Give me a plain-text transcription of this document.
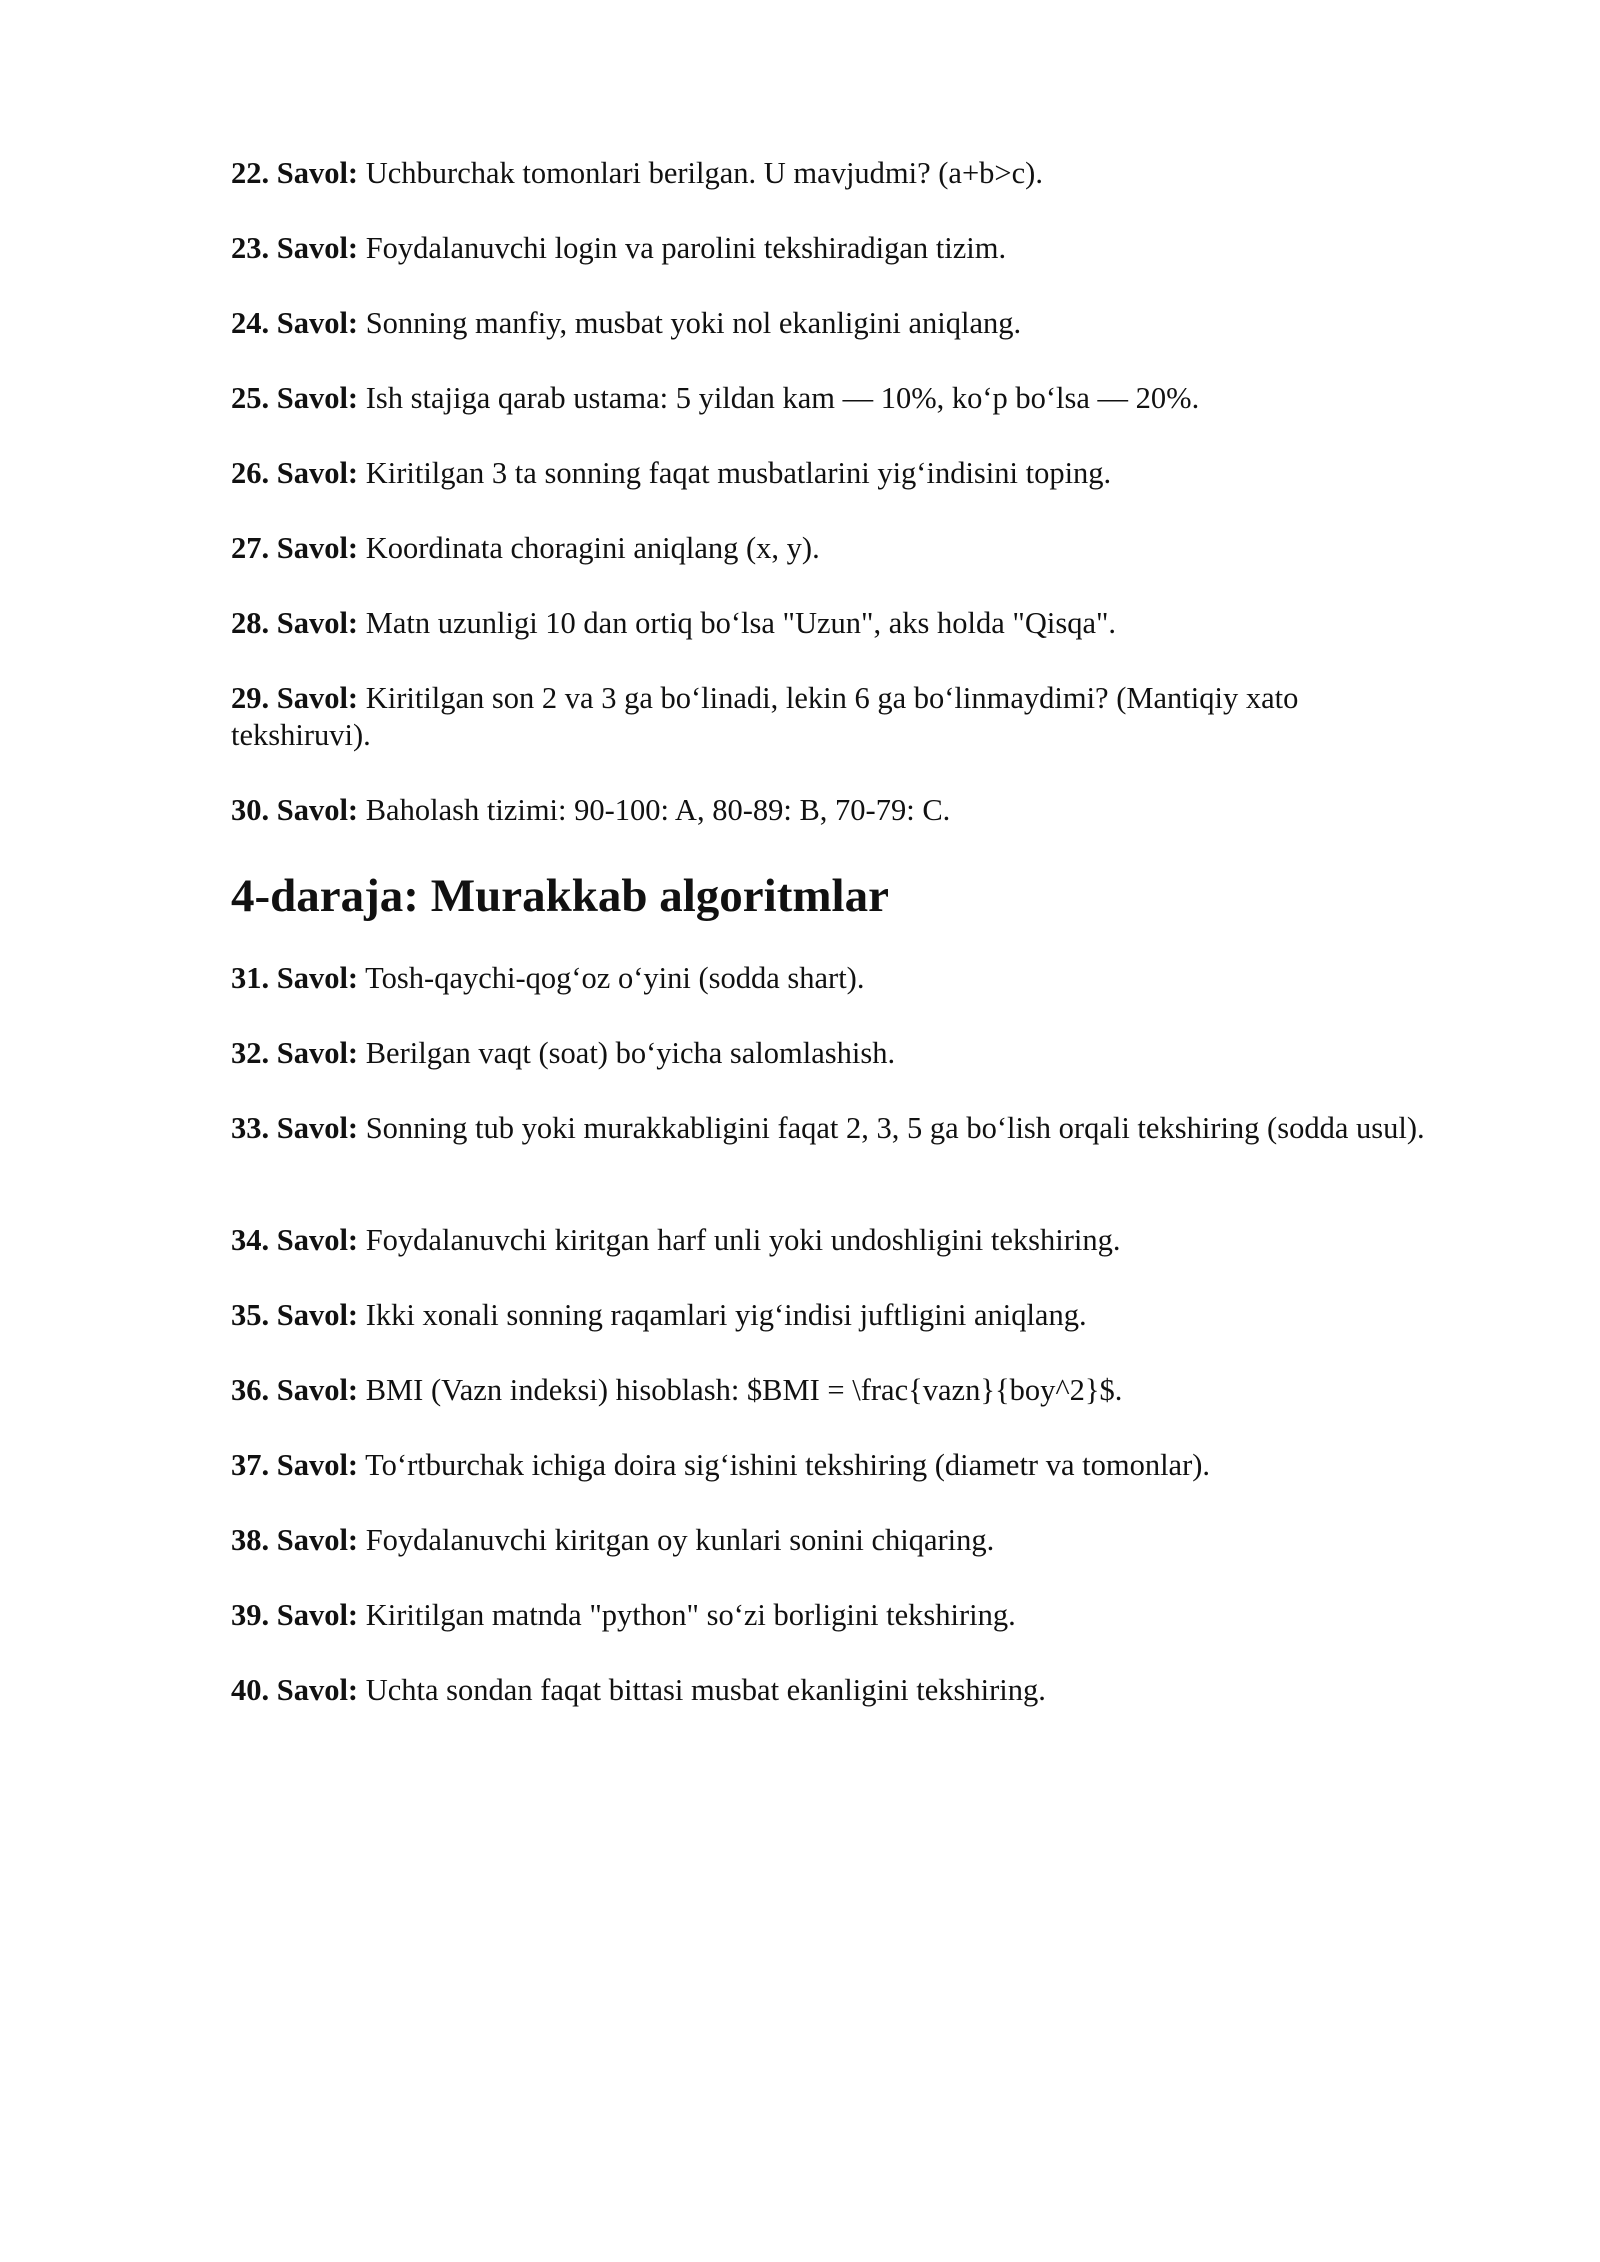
22. Savol: Uchburchak tomonlari berilgan. U mavjudmi? (a+b>c).

23. Savol: Foydalanuvchi login va parolini tekshiradigan tizim.

24. Savol: Sonning manfiy, musbat yoki nol ekanligini aniqlang.

25. Savol: Ish stajiga qarab ustama: 5 yildan kam — 10%, ko‘p bo‘lsa — 20%.

26. Savol: Kiritilgan 3 ta sonning faqat musbatlarini yig‘indisini toping.

27. Savol: Koordinata choragini aniqlang (x, y).

28. Savol: Matn uzunligi 10 dan ortiq bo‘lsa "Uzun", aks holda "Qisqa".

29. Savol: Kiritilgan son 2 va 3 ga bo‘linadi, lekin 6 ga bo‘linmaydimi? (Mantiqiy xato tekshiruvi).

30. Savol: Baholash tizimi: 90-100: A, 80-89: B, 70-79: C.

4-daraja: Murakkab algoritmlar

31. Savol: Tosh-qaychi-qog‘oz o‘yini (sodda shart).

32. Savol: Berilgan vaqt (soat) bo‘yicha salomlashish.

33. Savol: Sonning tub yoki murakkabligini faqat 2, 3, 5 ga bo‘lish orqali tekshiring (sodda usul).

34. Savol: Foydalanuvchi kiritgan harf unli yoki undoshligini tekshiring.

35. Savol: Ikki xonali sonning raqamlari yig‘indisi juftligini aniqlang.

36. Savol: BMI (Vazn indeksi) hisoblash: $BMI = \frac{vazn}{boy^2}$.

37. Savol: To‘rtburchak ichiga doira sig‘ishini tekshiring (diametr va tomonlar).

38. Savol: Foydalanuvchi kiritgan oy kunlari sonini chiqaring.

39. Savol: Kiritilgan matnda "python" so‘zi borligini tekshiring.

40. Savol: Uchta sondan faqat bittasi musbat ekanligini tekshiring.
